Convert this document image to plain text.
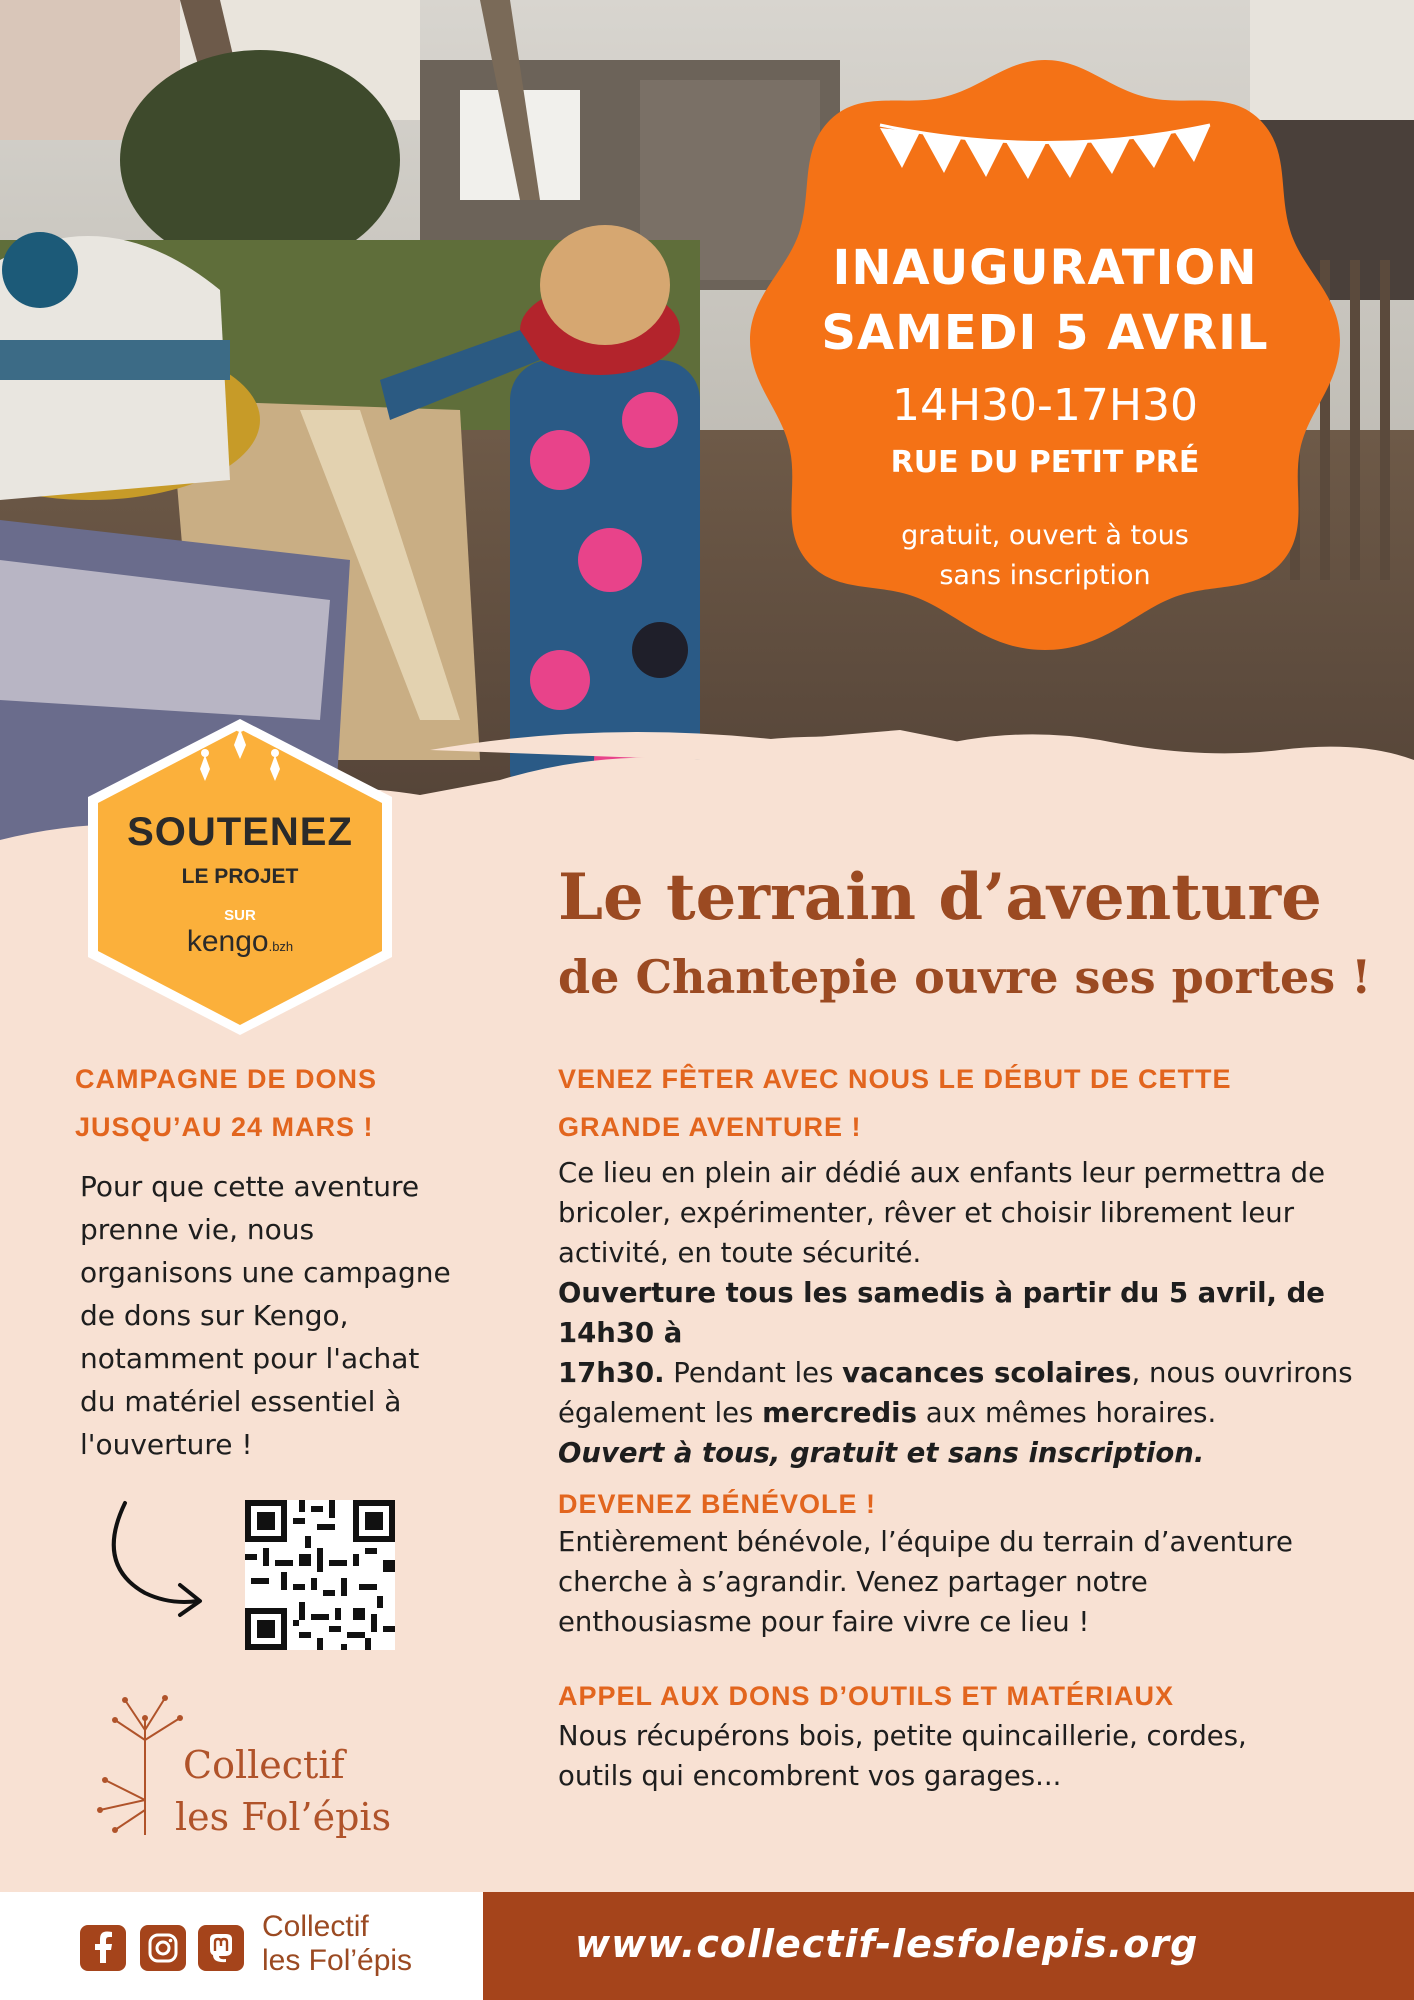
INAUGURATION
SAMEDI 5 AVRIL
14H30-17H30
RUE DU PETIT PRÉ
gratuit, ouvert à tous
sans inscription
SOUTENEZ
LE PROJET
SUR
kengo.bzh
Le terrain d’aventure
de Chantepie ouvre ses portes !
CAMPAGNE DE DONS
JUSQU’AU 24 MARS !
Pour que cette aventure
prenne vie, nous
organisons une campagne
de dons sur Kengo,
notamment pour l'achat
du matériel essentiel à
l'ouverture !
Collectif
les Fol’épis
VENEZ FÊTER AVEC NOUS LE DÉBUT DE CETTE
GRANDE AVENTURE !
Ce lieu en plein air dédié aux enfants leur permettra de
bricoler, expérimenter, rêver et choisir librement leur
activité, en toute sécurité.
Ouverture tous les samedis à partir du 5 avril, de 14h30 à
17h30. Pendant les vacances scolaires, nous ouvrirons
également les mercredis aux mêmes horaires.
Ouvert à tous, gratuit et sans inscription.
DEVENEZ BÉNÉVOLE !
Entièrement bénévole, l’équipe du terrain d’aventure
cherche à s’agrandir. Venez partager notre
enthousiasme pour faire vivre ce lieu !
APPEL AUX DONS D’OUTILS ET MATÉRIAUX
Nous récupérons bois, petite quincaillerie, cordes,
outils qui encombrent vos garages...
Collectif
les Fol’épis	www.collectif-lesfolepis.org
